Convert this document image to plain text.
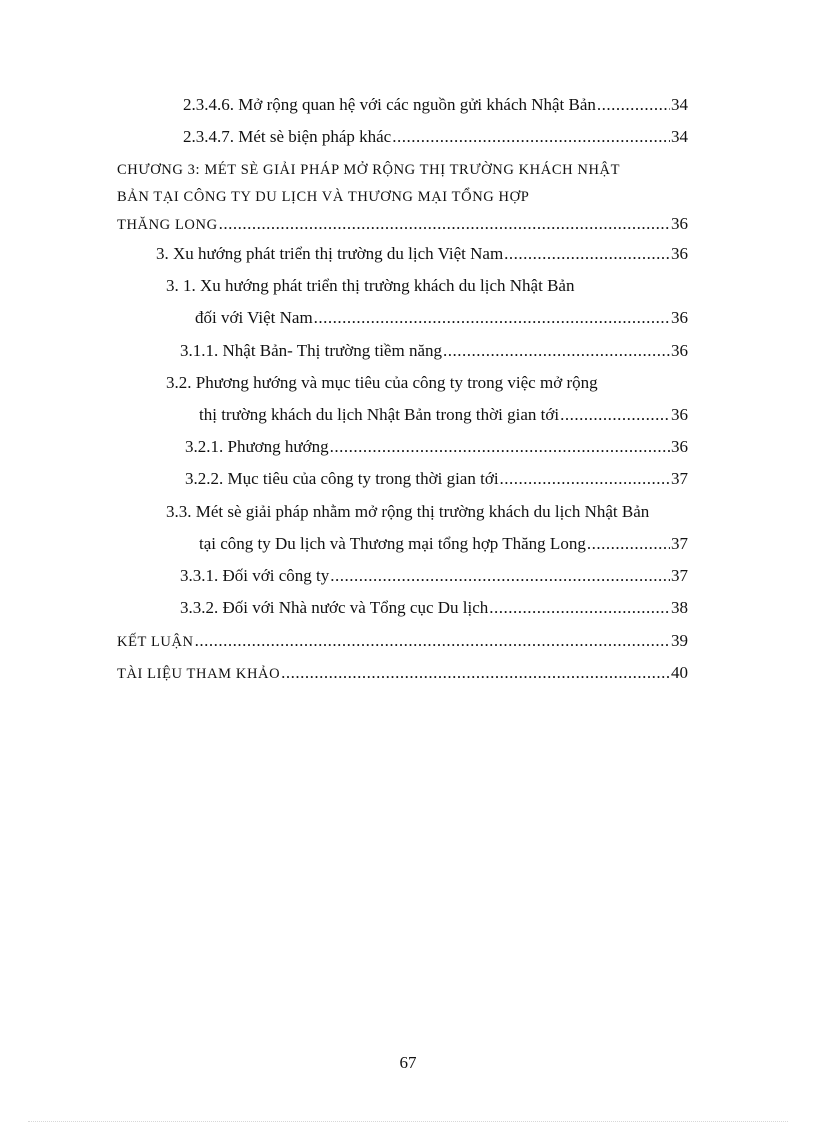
2.3.4.6. Mở rộng quan hệ với các nguồn gửi khách Nhật Bản .....	34
2.3.4.7. Mét sè biện pháp khác .....	34
CHƯƠNG 3: MÉT SÈ GIẢI PHÁP MỞ RỘNG THỊ TRƯỜNG KHÁCH NHẬT
BẢN TẠI CÔNG TY DU LỊCH VÀ THƯƠNG MẠI TỔNG HỢP
THĂNG LONG .....	36
3. Xu hướng phát triển thị trường du lịch Việt Nam .....	36
3. 1. Xu hướng phát triển thị trường khách du lịch Nhật Bản
đối với Việt Nam .....	36
3.1.1. Nhật Bản- Thị trường tiềm năng .....	36
3.2. Phương hướng và mục tiêu của công ty trong việc mở rộng
thị trường khách du lịch Nhật Bản trong thời gian tới .....	36
3.2.1. Phương hướng .....	36
3.2.2. Mục tiêu của công ty trong thời gian tới .....	37
3.3. Mét sè giải pháp nhằm mở rộng thị trường khách du lịch Nhật Bản
tại công ty Du lịch và Thương mại tổng hợp Thăng Long .....	37
3.3.1. Đối với công ty .....	37
3.3.2. Đối với Nhà nước và Tổng cục Du lịch .....	38
KẾT LUẬN .....	39
TÀI LIỆU THAM KHẢO .....	40
67
